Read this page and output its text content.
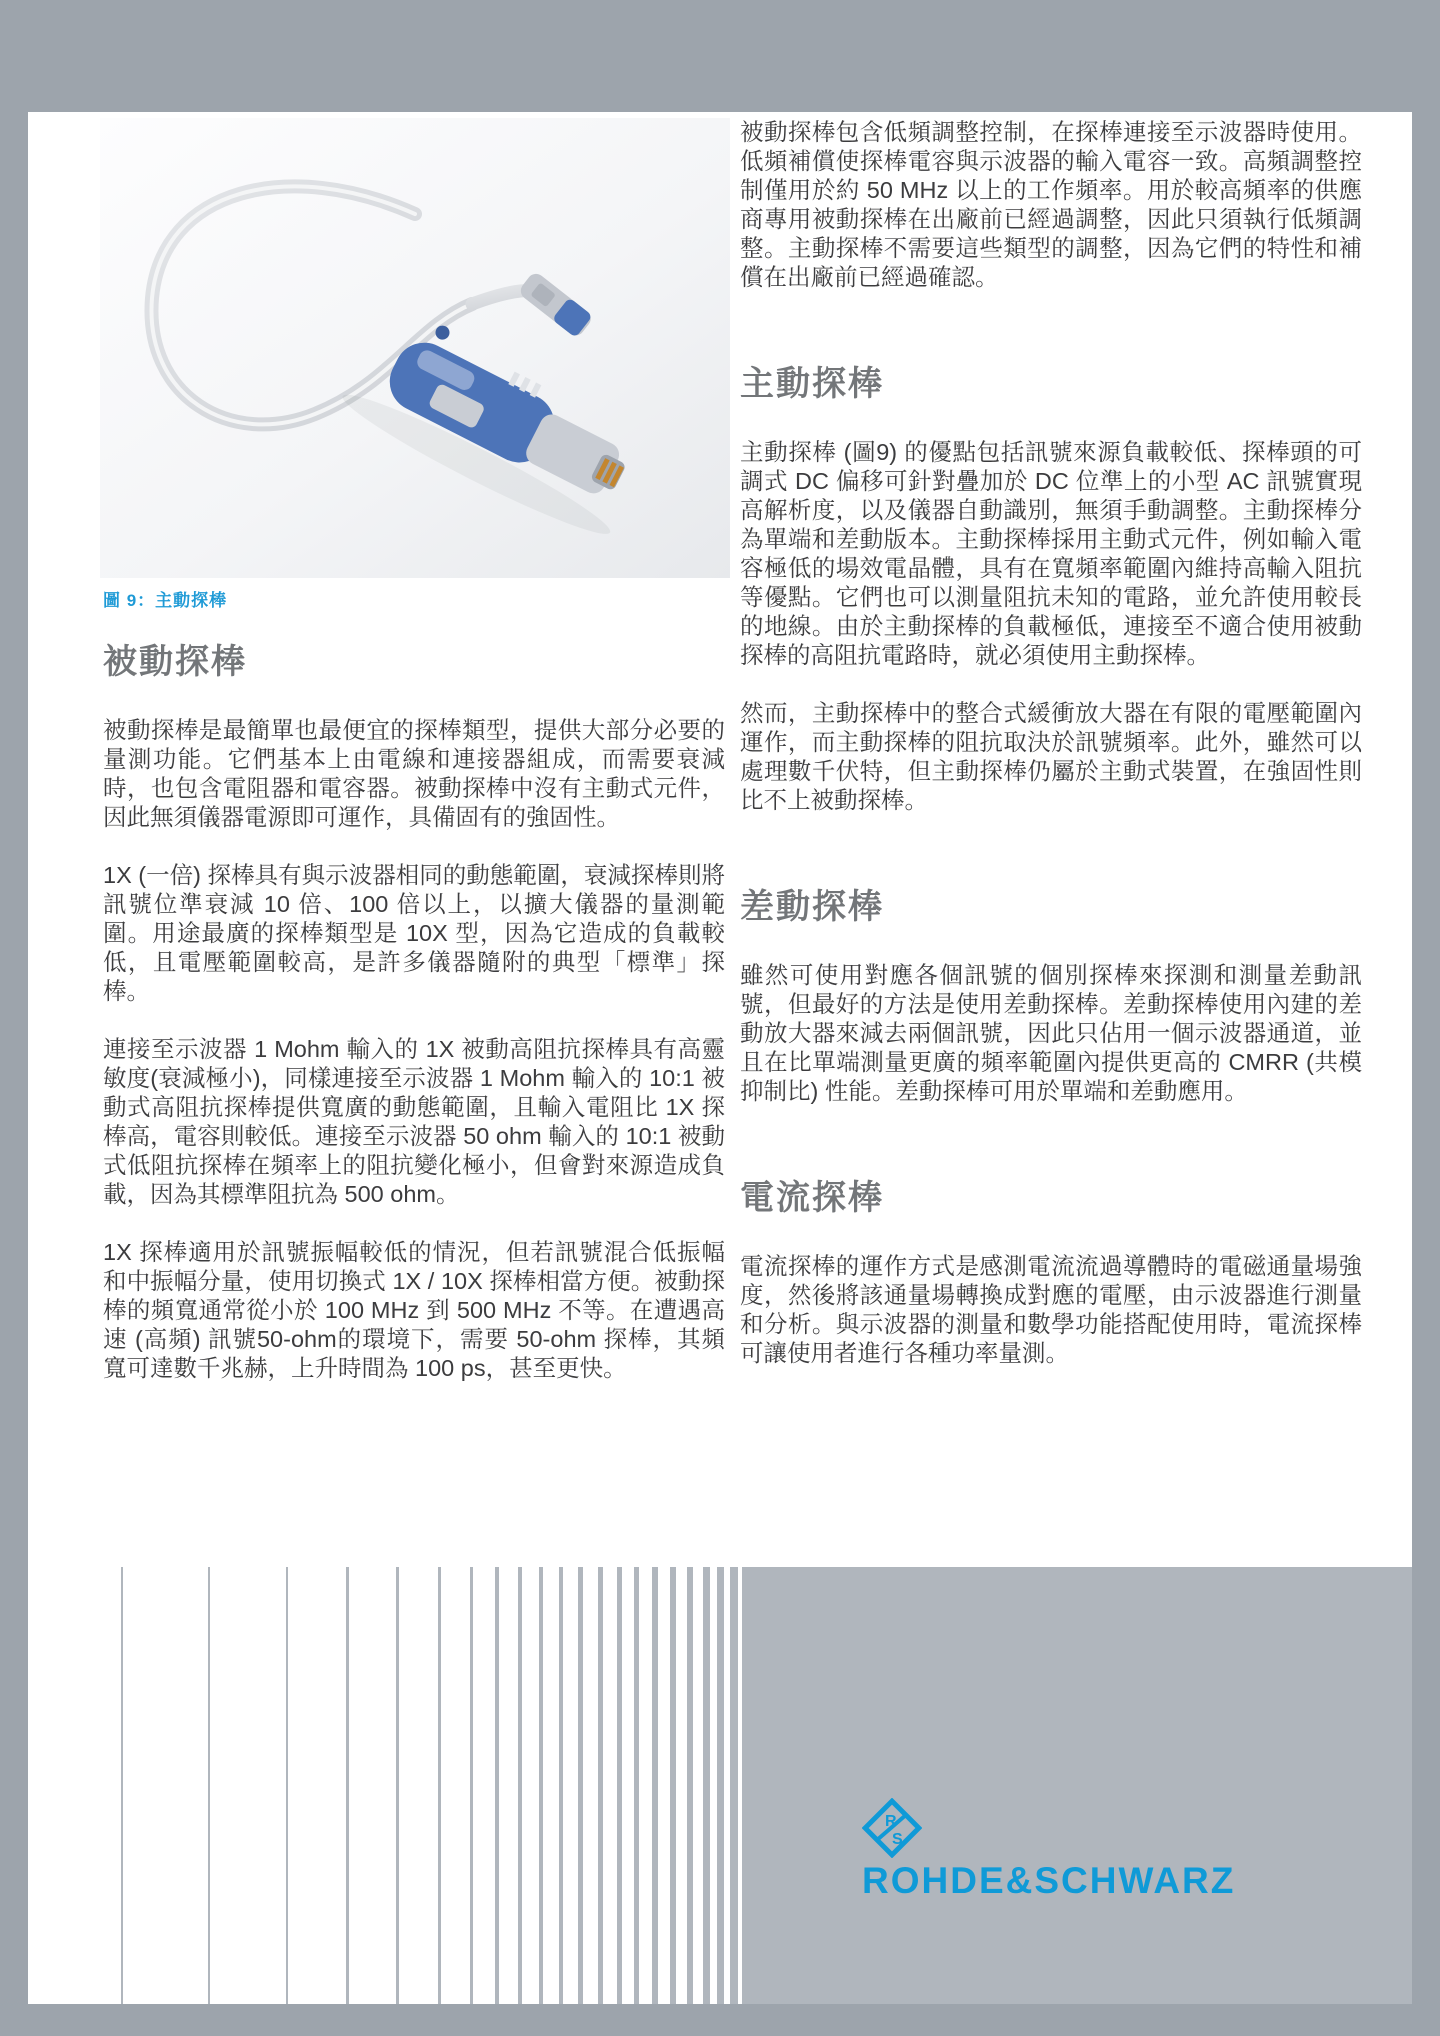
圖 9：主動探棒
被動探棒

被動探棒是最簡單也最便宜的探棒類型，提供大部分必要的量測功能。它們基本上由電線和連接器組成，而需要衰減時，也包含電阻器和電容器。被動探棒中沒有主動式元件，因此無須儀器電源即可運作，具備固有的強固性。

1X (一倍) 探棒具有與示波器相同的動態範圍，衰減探棒則將訊號位準衰減 10 倍、100 倍以上，以擴大儀器的量測範圍。用途最廣的探棒類型是 10X 型，因為它造成的負載較低，且電壓範圍較高，是許多儀器隨附的典型「標準」探棒。

連接至示波器 1 Mohm 輸入的 1X 被動高阻抗探棒具有高靈敏度(衰減極小)，同樣連接至示波器 1 Mohm 輸入的 10:1 被動式高阻抗探棒提供寬廣的動態範圍，且輸入電阻比 1X 探棒高，電容則較低。連接至示波器 50 ohm 輸入的 10:1 被動式低阻抗探棒在頻率上的阻抗變化極小，但會對來源造成負載，因為其標準阻抗為 500 ohm。

1X 探棒適用於訊號振幅較低的情況，但若訊號混合低振幅和中振幅分量，使用切換式 1X / 10X 探棒相當方便。被動探棒的頻寬通常從小於 100 MHz 到 500 MHz 不等。在遭遇高速 (高頻) 訊號50-ohm的環境下，需要 50-ohm 探棒，其頻寬可達數千兆赫，上升時間為 100 ps，甚至更快。

被動探棒包含低頻調整控制，在探棒連接至示波器時使用。低頻補償使探棒電容與示波器的輸入電容一致。高頻調整控制僅用於約 50 MHz 以上的工作頻率。用於較高頻率的供應商專用被動探棒在出廠前已經過調整，因此只須執行低頻調整。主動探棒不需要這些類型的調整，因為它們的特性和補償在出廠前已經過確認。

主動探棒

主動探棒 (圖9) 的優點包括訊號來源負載較低、探棒頭的可調式 DC 偏移可針對疊加於 DC 位準上的小型 AC 訊號實現高解析度，以及儀器自動識別，無須手動調整。主動探棒分為單端和差動版本。主動探棒採用主動式元件，例如輸入電容極低的場效電晶體，具有在寬頻率範圍內維持高輸入阻抗等優點。它們也可以測量阻抗未知的電路，並允許使用較長的地線。由於主動探棒的負載極低，連接至不適合使用被動探棒的高阻抗電路時，就必須使用主動探棒。

然而，主動探棒中的整合式緩衝放大器在有限的電壓範圍內運作，而主動探棒的阻抗取決於訊號頻率。此外，雖然可以處理數千伏特，但主動探棒仍屬於主動式裝置，在強固性則比不上被動探棒。

差動探棒

雖然可使用對應各個訊號的個別探棒來探測和測量差動訊號，但最好的方法是使用差動探棒。差動探棒使用內建的差動放大器來減去兩個訊號，因此只佔用一個示波器通道，並且在比單端測量更廣的頻率範圍內提供更高的 CMRR (共模抑制比) 性能。差動探棒可用於單端和差動應用。

電流探棒

電流探棒的運作方式是感測電流流過導體時的電磁通量場強度，然後將該通量場轉換成對應的電壓，由示波器進行測量和分析。與示波器的測量和數學功能搭配使用時，電流探棒可讓使用者進行各種功率量測。

R
S
ROHDE&SCHWARZ
